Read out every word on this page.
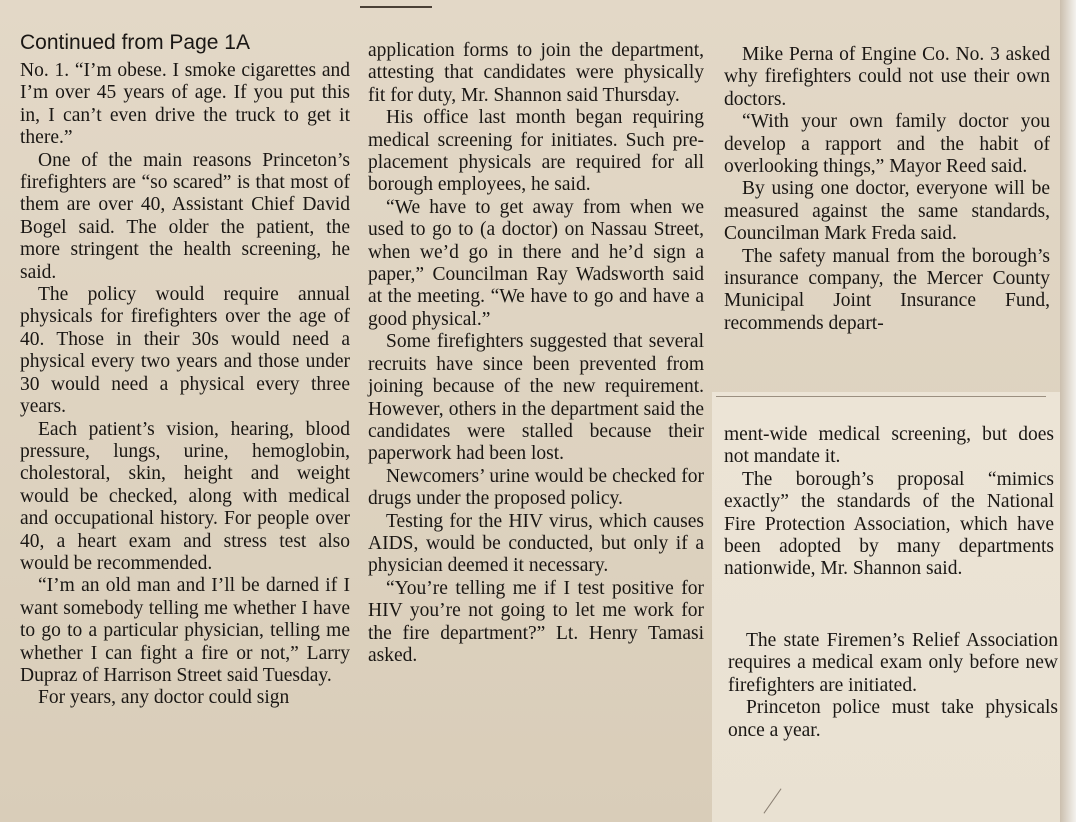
Continued from Page 1A

No. 1. “I’m obese. I smoke cigarettes and I’m over 45 years of age. If you put this in, I can’t even drive the truck to get it there.”

One of the main reasons Princeton’s firefighters are “so scared” is that most of them are over 40, Assistant Chief David Bogel said. The older the patient, the more stringent the health screening, he said.

The policy would require annual physicals for firefighters over the age of 40. Those in their 30s would need a physical every two years and those under 30 would need a physical every three years.

Each patient’s vision, hearing, blood pressure, lungs, urine, hemoglobin, cholestoral, skin, height and weight would be checked, along with medical and occupational history. For people over 40, a heart exam and stress test also would be recommended.

“I’m an old man and I’ll be darned if I want somebody telling me whether I have to go to a particular physician, telling me whether I can fight a fire or not,” Larry Dupraz of Harrison Street said Tuesday.

For years, any doctor could sign

application forms to join the department, attesting that candidates were physically fit for duty, Mr. Shannon said Thursday.

His office last month began requiring medical screening for initiates. Such pre-placement physicals are required for all borough employees, he said.

“We have to get away from when we used to go to (a doctor) on Nassau Street, when we’d go in there and he’d sign a paper,” Councilman Ray Wadsworth said at the meeting. “We have to go and have a good physical.”

Some firefighters suggested that several recruits have since been prevented from joining because of the new requirement. However, others in the department said the candidates were stalled because their paperwork had been lost.

Newcomers’ urine would be checked for drugs under the proposed policy.

Testing for the HIV virus, which causes AIDS, would be conducted, but only if a physician deemed it necessary.

“You’re telling me if I test positive for HIV you’re not going to let me work for the fire department?” Lt. Henry Tamasi asked.

Mike Perna of Engine Co. No. 3 asked why firefighters could not use their own doctors.

“With your own family doctor you develop a rapport and the habit of overlooking things,” Mayor Reed said.

By using one doctor, everyone will be measured against the same standards, Councilman Mark Freda said.

The safety manual from the borough’s insurance company, the Mercer County Municipal Joint Insurance Fund, recommends depart-

ment-wide medical screening, but does not mandate it.

The borough’s proposal “mimics exactly” the standards of the National Fire Protection Association, which have been adopted by many departments nationwide, Mr. Shannon said.

The state Firemen’s Relief Association requires a medical exam only before new firefighters are initiated.

Princeton police must take physicals once a year.
